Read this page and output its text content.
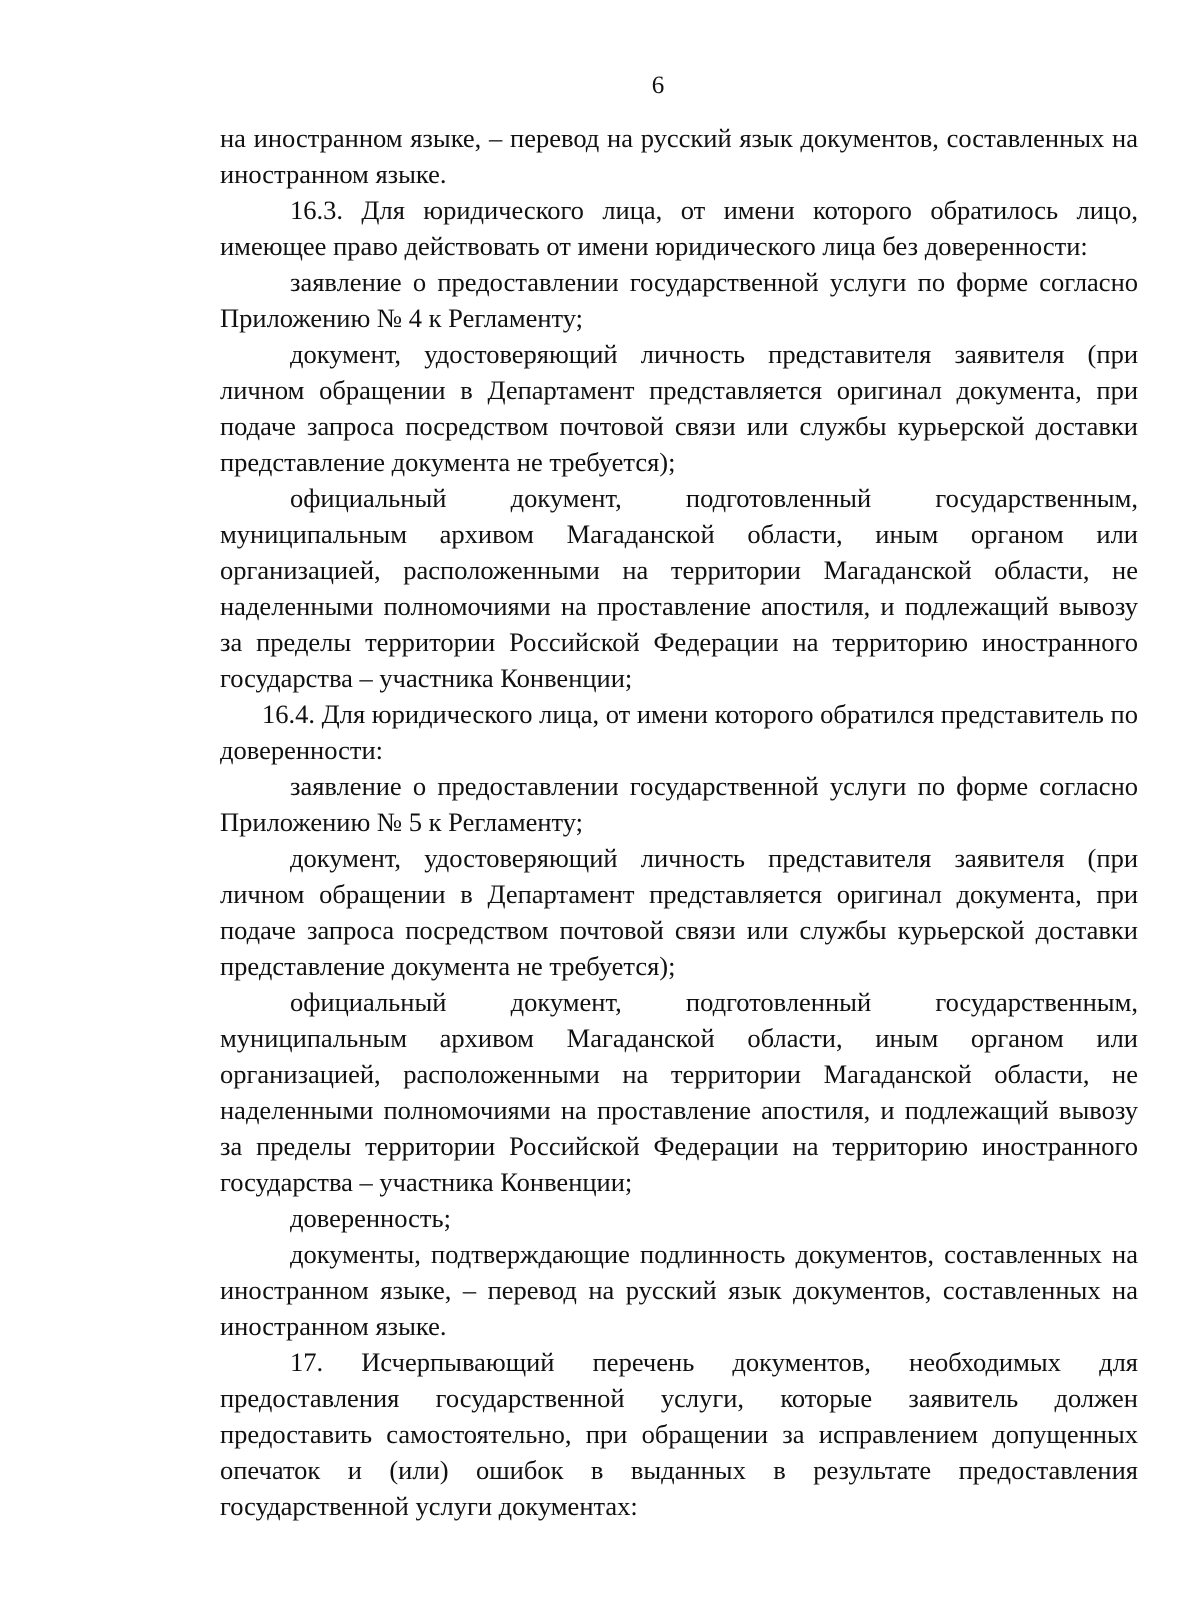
6

на иностранном языке, – перевод на русский язык документов, составленных на иностранном языке.

16.3. Для юридического лица, от имени которого обратилось лицо, имеющее право действовать от имени юридического лица без доверенности:

заявление о предоставлении государственной услуги по форме согласно Приложению № 4 к Регламенту;

документ, удостоверяющий личность представителя заявителя (при личном обращении в Департамент представляется оригинал документа, при подаче запроса посредством почтовой связи или службы курьерской доставки представление документа не требуется);

официальный документ, подготовленный государственным, муниципальным архивом Магаданской области, иным органом или организацией, расположенными на территории Магаданской области, не наделенными полномочиями на проставление апостиля, и подлежащий вывозу за пределы территории Российской Федерации на территорию иностранного государства – участника Конвенции;

16.4. Для юридического лица, от имени которого обратился представитель по доверенности:

заявление о предоставлении государственной услуги по форме согласно Приложению № 5 к Регламенту;

документ, удостоверяющий личность представителя заявителя (при личном обращении в Департамент представляется оригинал документа, при подаче запроса посредством почтовой связи или службы курьерской доставки представление документа не требуется);

официальный документ, подготовленный государственным, муниципальным архивом Магаданской области, иным органом или организацией, расположенными на территории Магаданской области, не наделенными полномочиями на проставление апостиля, и подлежащий вывозу за пределы территории Российской Федерации на территорию иностранного государства – участника Конвенции;

доверенность;

документы, подтверждающие подлинность документов, составленных на иностранном языке, – перевод на русский язык документов, составленных на иностранном языке.

17. Исчерпывающий перечень документов, необходимых для предоставления государственной услуги, которые заявитель должен предоставить самостоятельно, при обращении за исправлением допущенных опечаток и (или) ошибок в выданных в результате предоставления государственной услуги документах:
